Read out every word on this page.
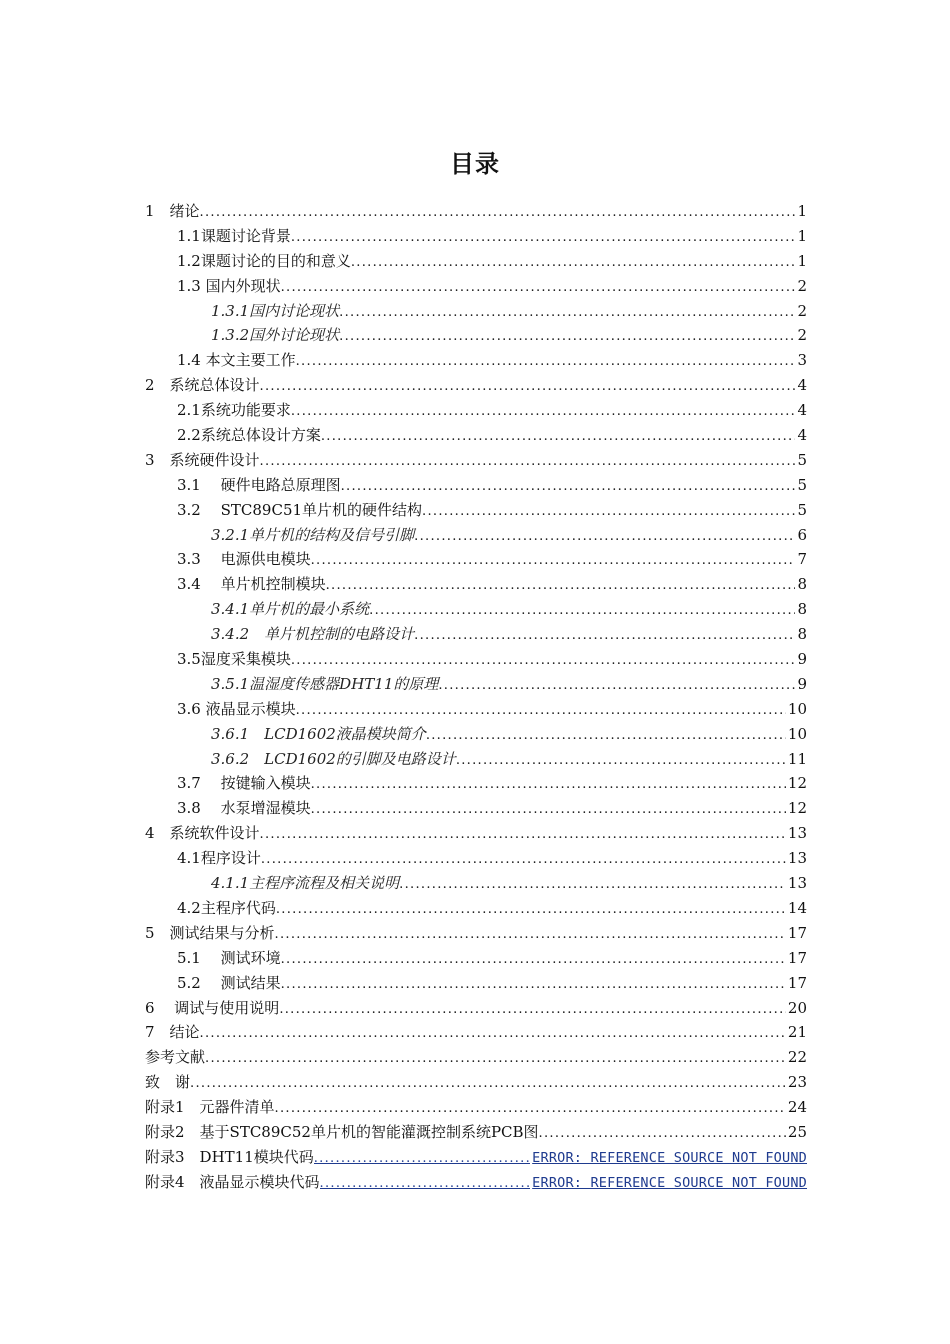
目录
1　绪论 .....	1
1.1课题讨论背景 .....	1
1.2课题讨论的目的和意义 .....	1
1.3 国内外现状 .....	2
1.3.1国内讨论现状 .....	2
1.3.2国外讨论现状 .....	2
1.4 本文主要工作 .....	3
2　系统总体设计 .....	4
2.1系统功能要求 .....	4
2.2系统总体设计方案 .....	4
3　系统硬件设计 .....	5
3.1　 硬件电路总原理图 .....	5
3.2　 STC89C51单片机的硬件结构 .....	5
3.2.1单片机的结构及信号引脚 .....	6
3.3　 电源供电模块 .....	7
3.4　 单片机控制模块 .....	8
3.4.1单片机的最小系统 .....	8
3.4.2　单片机控制的电路设计 .....	8
3.5湿度采集模块 .....	9
3.5.1温湿度传感器DHT11的原理 .....	9
3.6 液晶显示模块 .....	10
3.6.1　LCD1602液晶模块简介 .....	10
3.6.2　LCD1602的引脚及电路设计 .....	11
3.7　 按键输入模块 .....	12
3.8　 水泵增湿模块 .....	12
4　系统软件设计 .....	13
4.1程序设计 .....	13
4.1.1主程序流程及相关说明 .....	13
4.2主程序代码 .....	14
5　测试结果与分析 .....	17
5.1　 测试环境 .....	17
5.2　 测试结果 .....	17
6　 调试与使用说明 .....	20
7　结论 .....	21
参考文献 .....	22
致　谢 .....	23
附录1　元器件清单 .....	24
附录2　基于STC89C52单片机的智能灌溉控制系统PCB图 .....	25
附录3　DHT11模块代码 .....	ERROR: REFERENCE SOURCE NOT FOUND
附录4　液晶显示模块代码 .....	ERROR: REFERENCE SOURCE NOT FOUND
